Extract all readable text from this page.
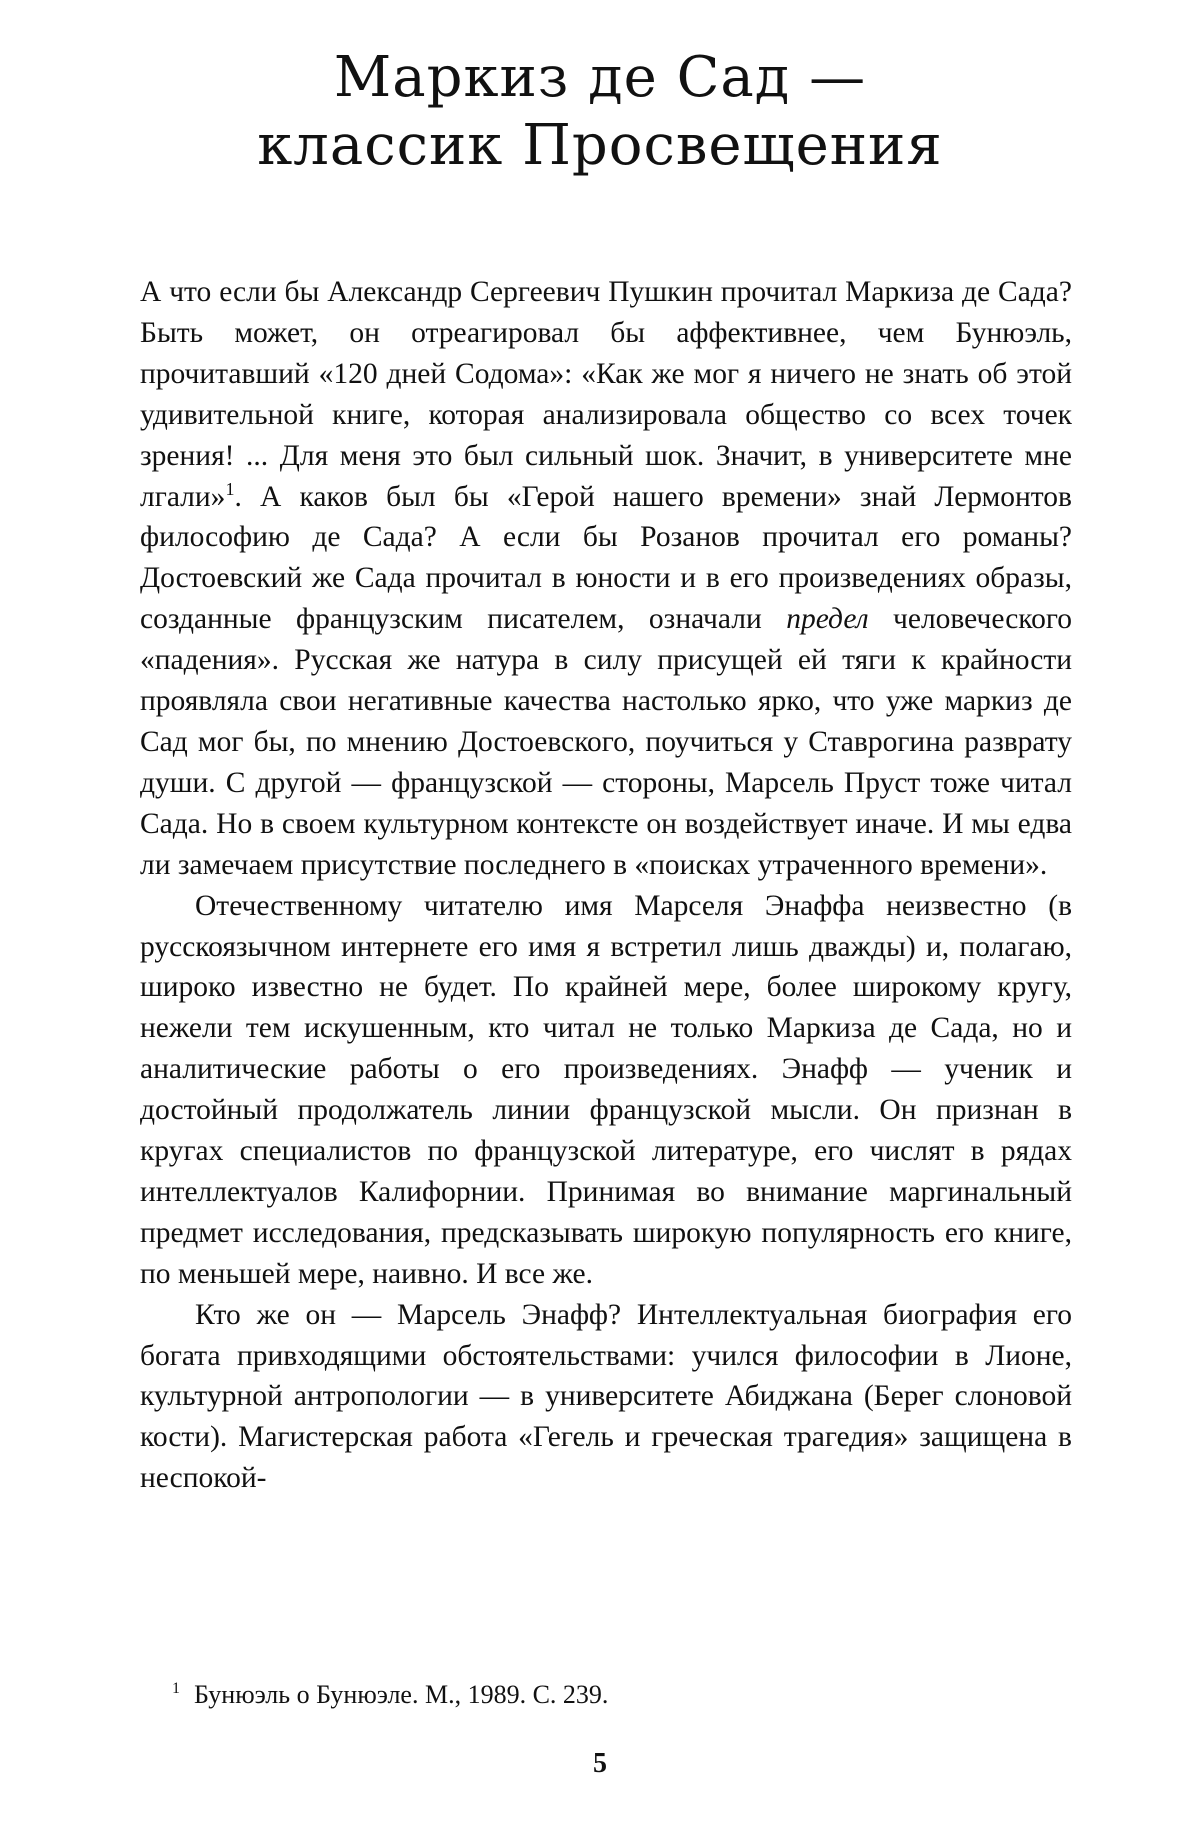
Маркиз де Сад —
классик Просвещения

А что если бы Александр Сергеевич Пушкин прочитал Маркиза де Сада? Быть может, он отреагировал бы аффективнее, чем Бунюэль, прочитавший «120 дней Содома»: «Как же мог я ничего не знать об этой удивительной книге, которая анализировала общество со всех точек зрения! ... Для меня это был сильный шок. Значит, в университете мне лгали»$^1$. А каков был бы «Герой нашего времени» знай Лермонтов философию де Сада? А если бы Розанов прочитал его романы? Достоевский же Сада прочитал в юности и в его произведениях образы, созданные французским писателем, означали предел человеческого «падения». Русская же натура в силу присущей ей тяги к крайности проявляла свои негативные качества настолько ярко, что уже маркиз де Сад мог бы, по мнению Достоевского, поучиться у Ставрогина разврату души. С другой — французской — стороны, Марсель Пруст тоже читал Сада. Но в своем культурном контексте он воздействует иначе. И мы едва ли замечаем присутствие последнего в «поисках утраченного времени».

Отечественному читателю имя Марселя Энаффа неизвестно (в русскоязычном интернете его имя я встретил лишь дважды) и, полагаю, широко известно не будет. По крайней мере, более широкому кругу, нежели тем искушенным, кто читал не только Маркиза де Сада, но и аналитические работы о его произведениях. Энафф — ученик и достойный продолжатель линии французской мысли. Он признан в кругах специалистов по французской литературе, его числят в рядах интеллектуалов Калифорнии. Принимая во внимание маргинальный предмет исследования, предсказывать широкую популярность его книге, по меньшей мере, наивно. И все же.

Кто же он — Марсель Энафф? Интеллектуальная биография его богата привходящими обстоятельствами: учился философии в Лионе, культурной антропологии — в университете Абиджана (Берег слоновой кости). Магистерская работа «Гегель и греческая трагедия» защищена в неспокой-

$^1$ Бунюэль о Бунюэле. М., 1989. С. 239.
5
